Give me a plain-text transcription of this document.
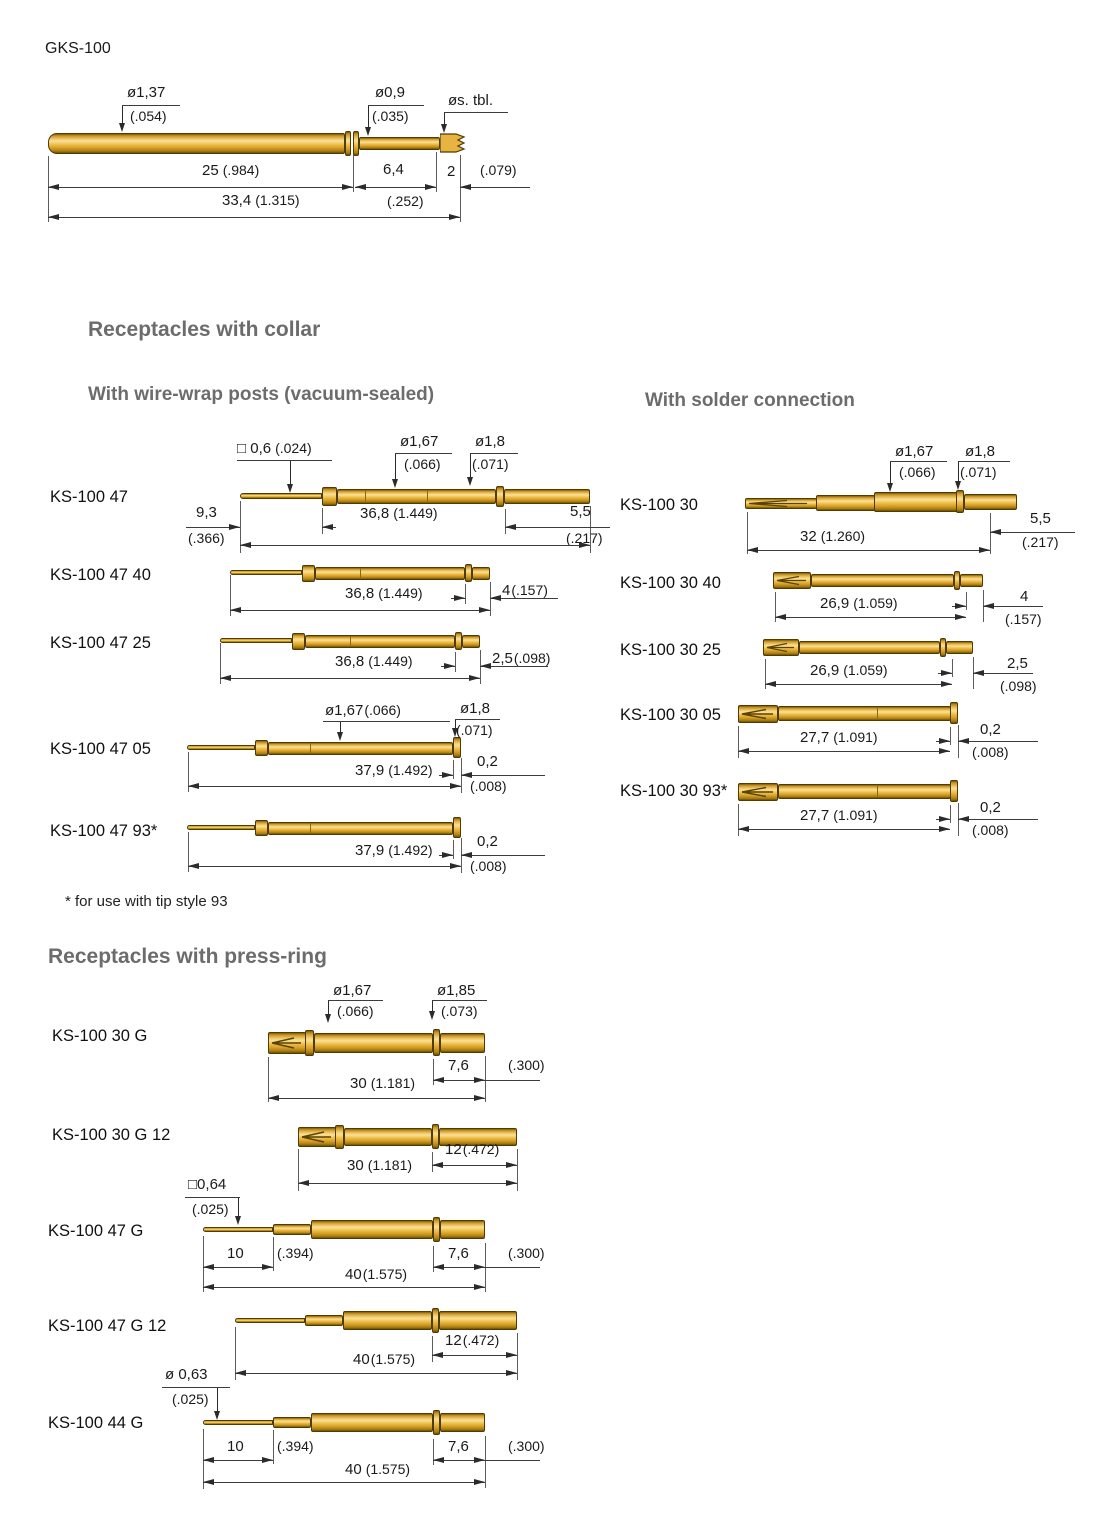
GKS-100
ø1,37
(.054)
ø0,9
(.035)
øs. tbl.
25 (.984)	6,4
(.252)
2 (.079)
33,4 (1.315)
Receptacles with collar
With wire-wrap posts (vacuum-sealed)	With solder connection
KS-100 47
□ 0,6 (.024)	ø1,67
(.066)
ø1,8
(.071)
9,3
(.366)
36,8 (1.449)	5,5
(.217)
KS-100 47 40
36,8 (1.449)	4(.157)
KS-100 47 25
36,8 (1.449)	2,5(.098)
KS-100 47 05
ø1,67(.066)	ø1,8
(.071)
37,9 (1.492)	0,2
(.008)
KS-100 47 93*
37,9 (1.492)	0,2
(.008)
KS-100 30
ø1,67
(.066)
ø1,8
(.071)
32 (1.260)
5,5
(.217)
KS-100 30 40
26,9 (1.059)	4
(.157)
KS-100 30 25
26,9 (1.059)	2,5
(.098)
KS-100 30 05
27,7 (1.091)	0,2
(.008)
KS-100 30 93*
27,7 (1.091)	0,2
(.008)
* for use with tip style 93
Receptacles with press-ring
KS-100 30 G
ø1,67
(.066)
ø1,85
(.073)
7,6	(.300)
30 (1.181)
KS-100 30 G 12
12(.472)
30 (1.181)
KS-100 47 G
□0,64
(.025)
10 (.394)	7,6	(.300)
40(1.575)
KS-100 47 G 12
12(.472)
40(1.575)
KS-100 44 G
ø 0,63
(.025)
10 (.394)	7,6	(.300)
40 (1.575)
